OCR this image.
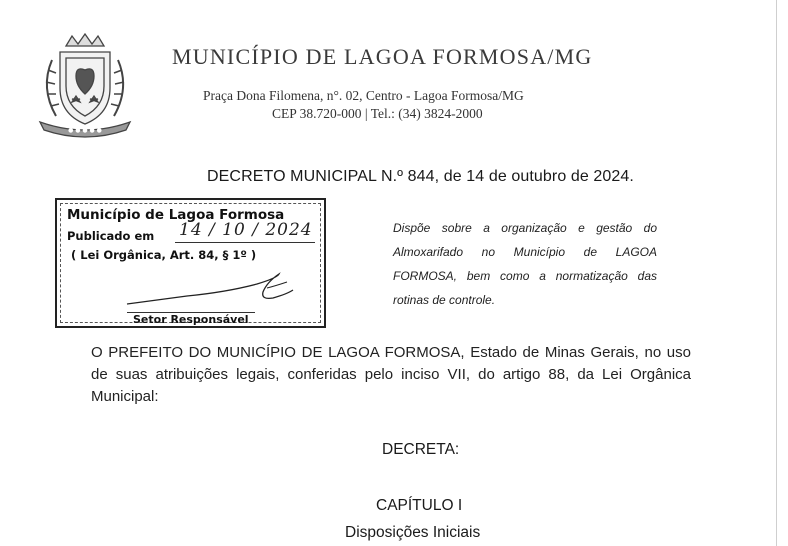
● ● ● ● ●
MUNICÍPIO DE LAGOA FORMOSA/MG
Praça Dona Filomena, n°. 02, Centro - Lagoa Formosa/MG
CEP 38.720-000 | Tel.: (34) 3824-2000
DECRETO MUNICIPAL N.º 844, de 14 de outubro de 2024.
Município de Lagoa Formosa
Publicado em 14 / 10 / 2024
( Lei Orgânica, Art. 84, § 1º )
Setor Responsável
Dispõe sobre a organização e gestão do Almoxarifado no Município de LAGOA FORMOSA, bem como a normatização das rotinas de controle.
O PREFEITO DO MUNICÍPIO DE LAGOA FORMOSA, Estado de Minas Gerais, no uso de suas atribuições legais, conferidas pelo inciso VII, do artigo 88, da Lei Orgânica Municipal:
DECRETA:
CAPÍTULO I
Disposições Iniciais
